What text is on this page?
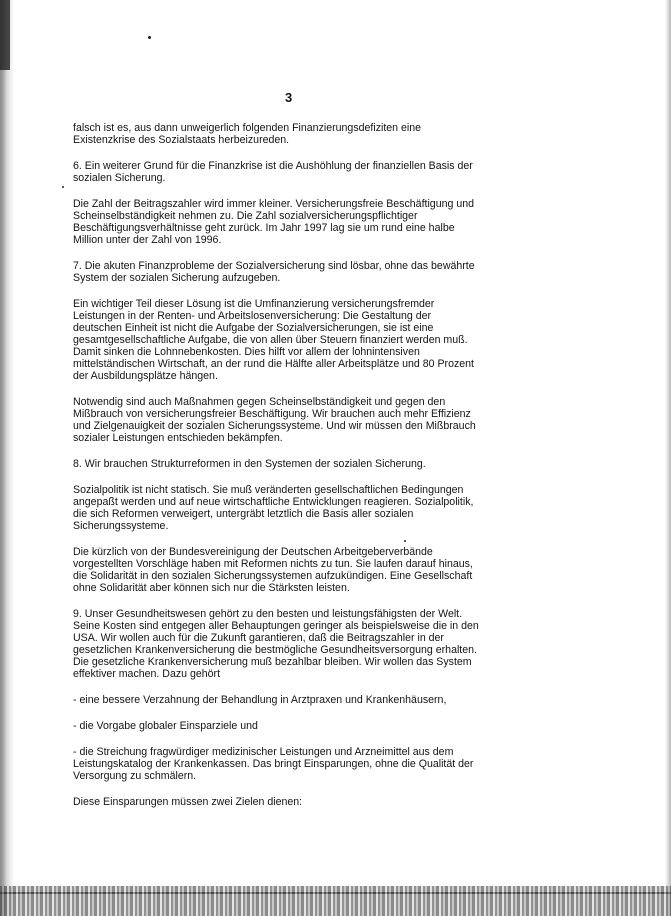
3
falsch ist es, aus dann unweigerlich folgenden Finanzierungsdefiziten eine
Existenzkrise des Sozialstaats herbeizureden.
6. Ein weiterer Grund für die Finanzkrise ist die Aushöhlung der finanziellen Basis der
sozialen Sicherung.
Die Zahl der Beitragszahler wird immer kleiner. Versicherungsfreie Beschäftigung und
Scheinselbständigkeit nehmen zu. Die Zahl sozialversicherungspflichtiger
Beschäftigungsverhältnisse geht zurück. Im Jahr 1997 lag sie um rund eine halbe
Million unter der Zahl von 1996.
7. Die akuten Finanzprobleme der Sozialversicherung sind lösbar, ohne das bewährte
System der sozialen Sicherung aufzugeben.
Ein wichtiger Teil dieser Lösung ist die Umfinanzierung versicherungsfremder
Leistungen in der Renten- und Arbeitslosenversicherung: Die Gestaltung der
deutschen Einheit ist nicht die Aufgabe der Sozialversicherungen, sie ist eine
gesamtgesellschaftliche Aufgabe, die von allen über Steuern finanziert werden muß.
Damit sinken die Lohnnebenkosten. Dies hilft vor allem der lohnintensiven
mittelständischen Wirtschaft, an der rund die Hälfte aller Arbeitsplätze und 80 Prozent
der Ausbildungsplätze hängen.
Notwendig sind auch Maßnahmen gegen Scheinselbständigkeit und gegen den
Mißbrauch von versicherungsfreier Beschäftigung. Wir brauchen auch mehr Effizienz
und Zielgenauigkeit der sozialen Sicherungssysteme. Und wir müssen den Mißbrauch
sozialer Leistungen entschieden bekämpfen.
8. Wir brauchen Strukturreformen in den Systemen der sozialen Sicherung.
Sozialpolitik ist nicht statisch. Sie muß veränderten gesellschaftlichen Bedingungen
angepaßt werden und auf neue wirtschaftliche Entwicklungen reagieren. Sozialpolitik,
die sich Reformen verweigert, untergräbt letztlich die Basis aller sozialen
Sicherungssysteme.
Die kürzlich von der Bundesvereinigung der Deutschen Arbeitgeberverbände
vorgestellten Vorschläge haben mit Reformen nichts zu tun. Sie laufen darauf hinaus,
die Solidarität in den sozialen Sicherungssystemen aufzukündigen. Eine Gesellschaft
ohne Solidarität aber können sich nur die Stärksten leisten.
9. Unser Gesundheitswesen gehört zu den besten und leistungsfähigsten der Welt.
Seine Kosten sind entgegen aller Behauptungen geringer als beispielsweise die in den
USA. Wir wollen auch für die Zukunft garantieren, daß die Beitragszahler in der
gesetzlichen Krankenversicherung die bestmögliche Gesundheitsversorgung erhalten.
Die gesetzliche Krankenversicherung muß bezahlbar bleiben. Wir wollen das System
effektiver machen. Dazu gehört
- eine bessere Verzahnung der Behandlung in Arztpraxen und Krankenhäusern,
- die Vorgabe globaler Einsparziele und
- die Streichung fragwürdiger medizinischer Leistungen und Arzneimittel aus dem
Leistungskatalog der Krankenkassen. Das bringt Einsparungen, ohne die Qualität der
Versorgung zu schmälern.
Diese Einsparungen müssen zwei Zielen dienen:
